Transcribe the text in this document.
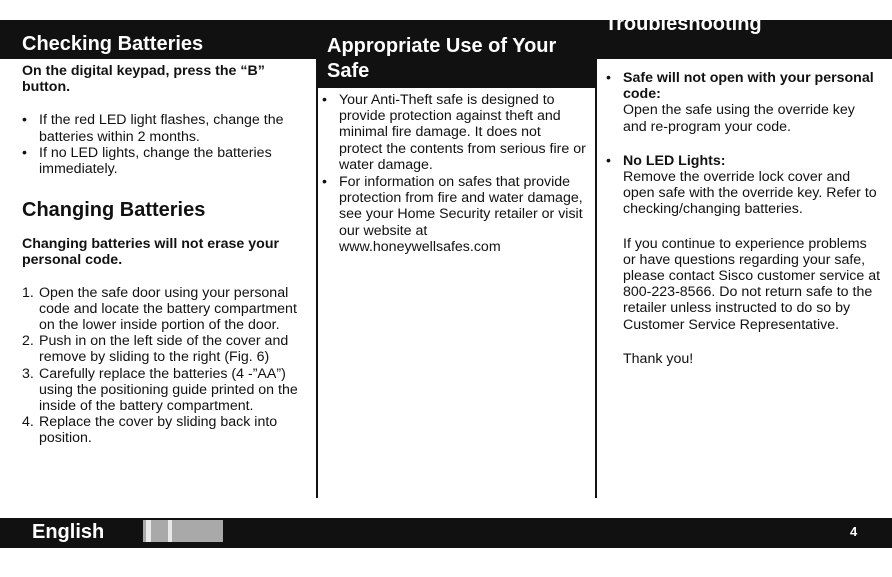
Checking Batteries	Appropriate Use of Your Safe
Troubleshooting

On the digital keypad, press the “B” button.

• If the red LED light flashes, change the batteries within 2 months.
• If no LED lights, change the batteries immediately.
Changing Batteries

Changing batteries will not erase your personal code.

1. Open the safe door using your personal code and locate the battery compartment on the lower inside portion of the door.
2. Push in on the left side of the cover and remove by sliding to the right (Fig. 6)
3. Carefully replace the batteries (4 -”AA”) using the positioning guide printed on the inside of the battery compartment.
4. Replace the cover by sliding back into position.
• Your Anti-Theft safe is designed to provide protection against theft and minimal fire damage. It does not protect the contents from serious fire or water damage.
• For information on safes that provide protection from fire and water damage, see your Home Security retailer or visit our website at www.honeywellsafes.com
• Safe will not open with your personal code:
Open the safe using the override key and re-program your code.
• No LED Lights:
Remove the override lock cover and open safe with the override key. Refer to checking/changing batteries.

If you continue to experience problems or have questions regarding your safe, please contact Sisco customer service at 800-223-8566. Do not return safe to the retailer unless instructed to do so by Customer Service Representative.

Thank you!

English	4
